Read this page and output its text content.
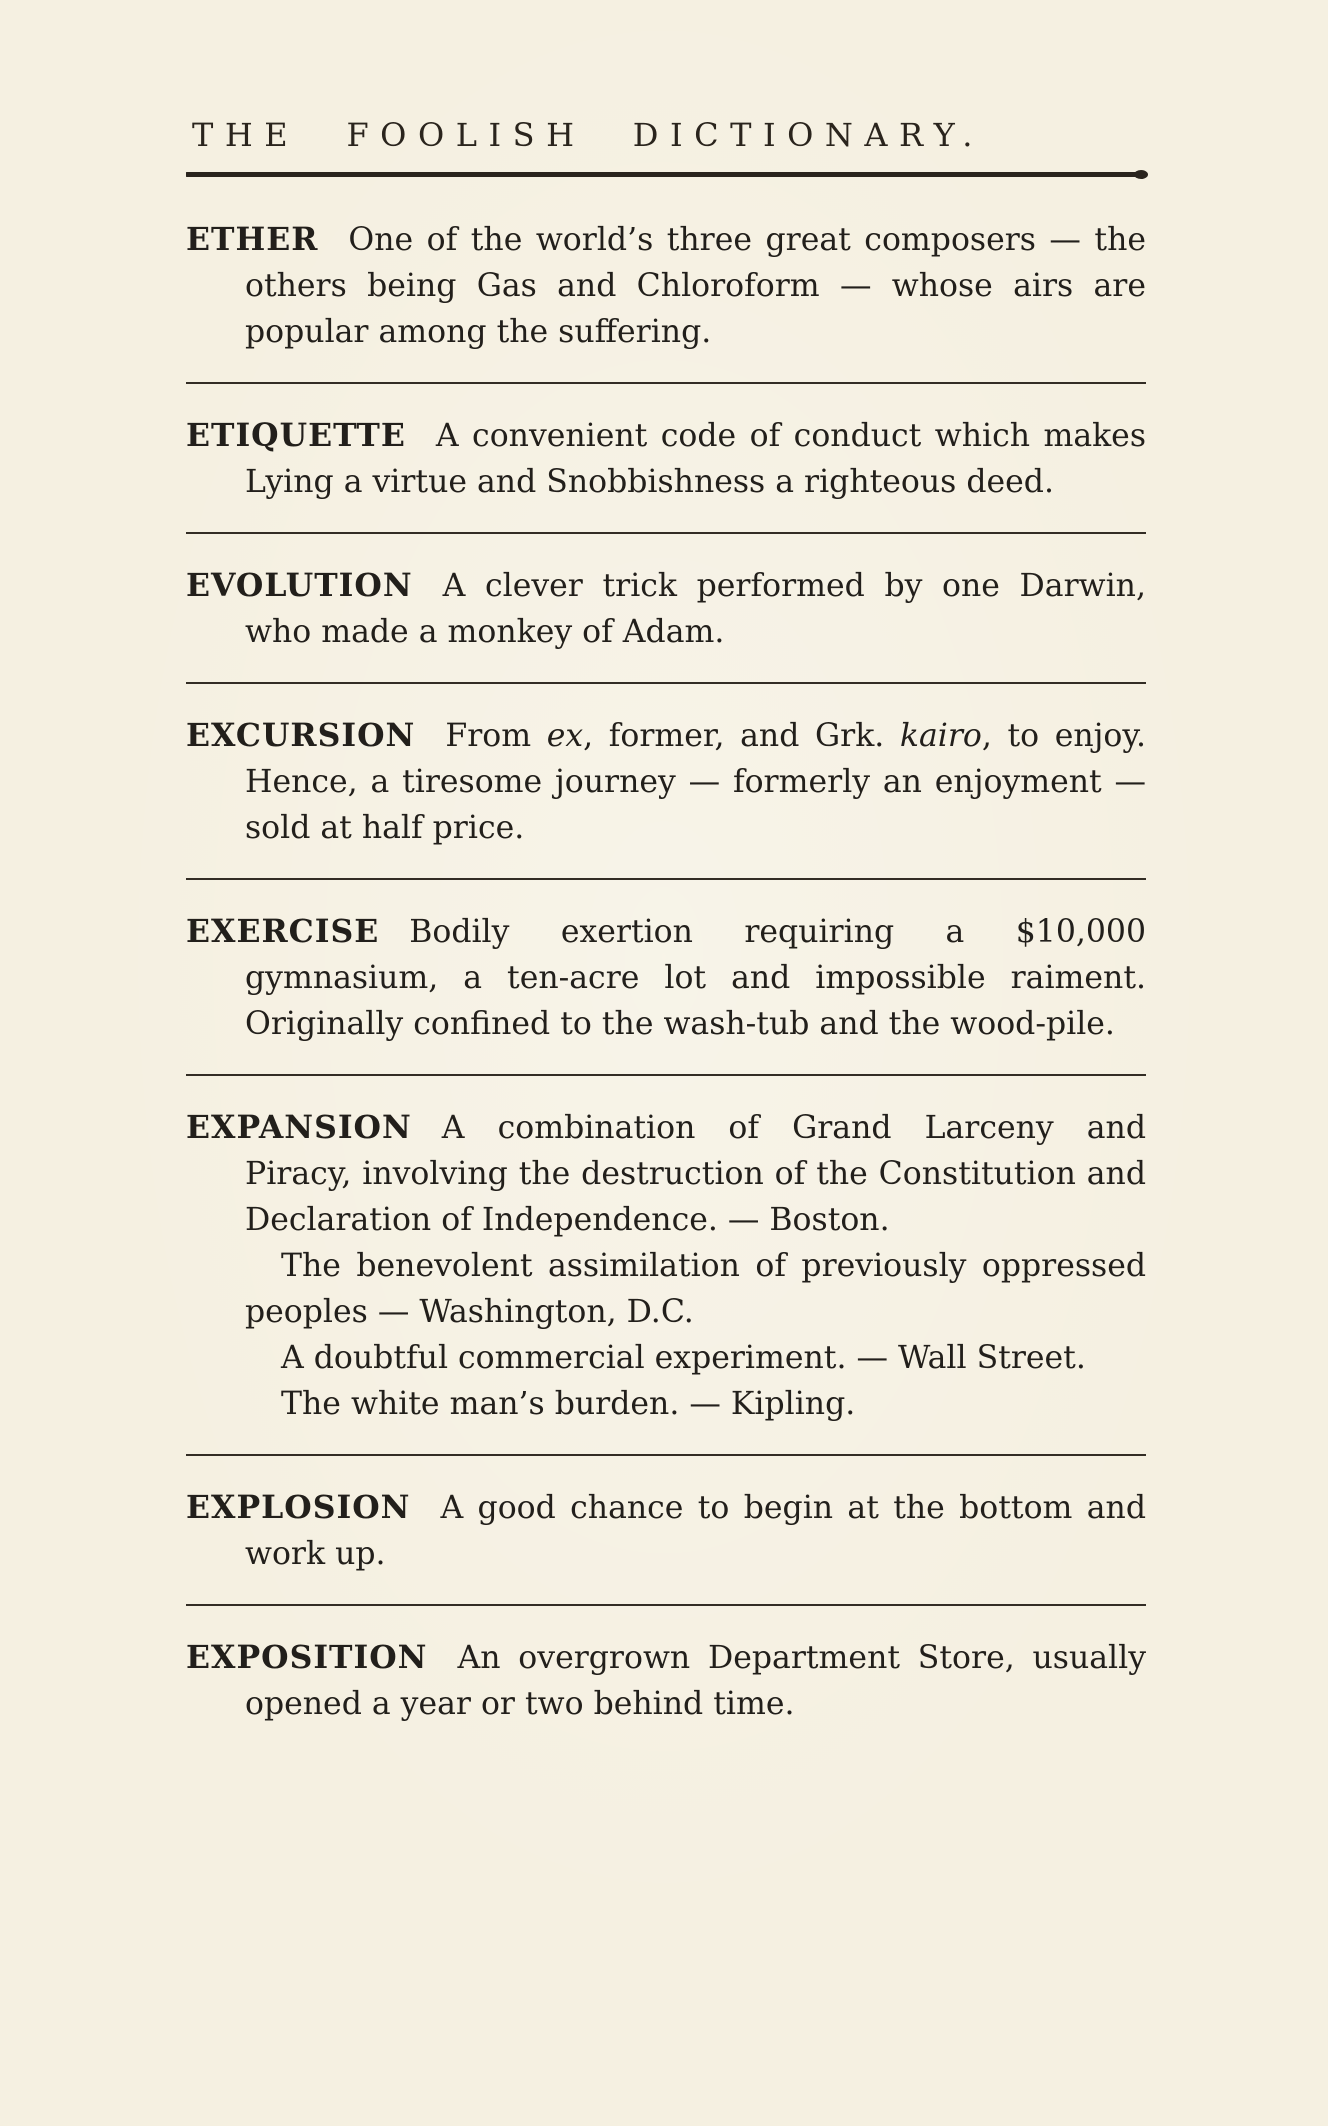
THE FOOLISH DICTIONARY.

ETHER One of the world’s three great composers — the others being Gas and Chloroform — whose airs are popular among the suffering.

ETIQUETTE A convenient code of conduct which makes Lying a virtue and Snobbishness a righteous deed.

EVOLUTION A clever trick performed by one Darwin, who made a monkey of Adam.

EXCURSION From ex, former, and Grk. kairo, to enjoy. Hence, a tiresome journey — formerly an enjoyment — sold at half price.

EXERCISE Bodily exertion requiring a $10,000 gymnasium, a ten-acre lot and impossible raiment. Originally confined to the wash-tub and the wood-pile.

EXPANSION A combination of Grand Larceny and Piracy, involving the destruction of the Constitution and Declaration of Independence. — Boston.

The benevolent assimilation of previously oppressed peoples — Washington, D.C.

A doubtful commercial experiment. — Wall Street.

The white man’s burden. — Kipling.

EXPLOSION A good chance to begin at the bottom and work up.

EXPOSITION An overgrown Department Store, usually opened a year or two behind time.
